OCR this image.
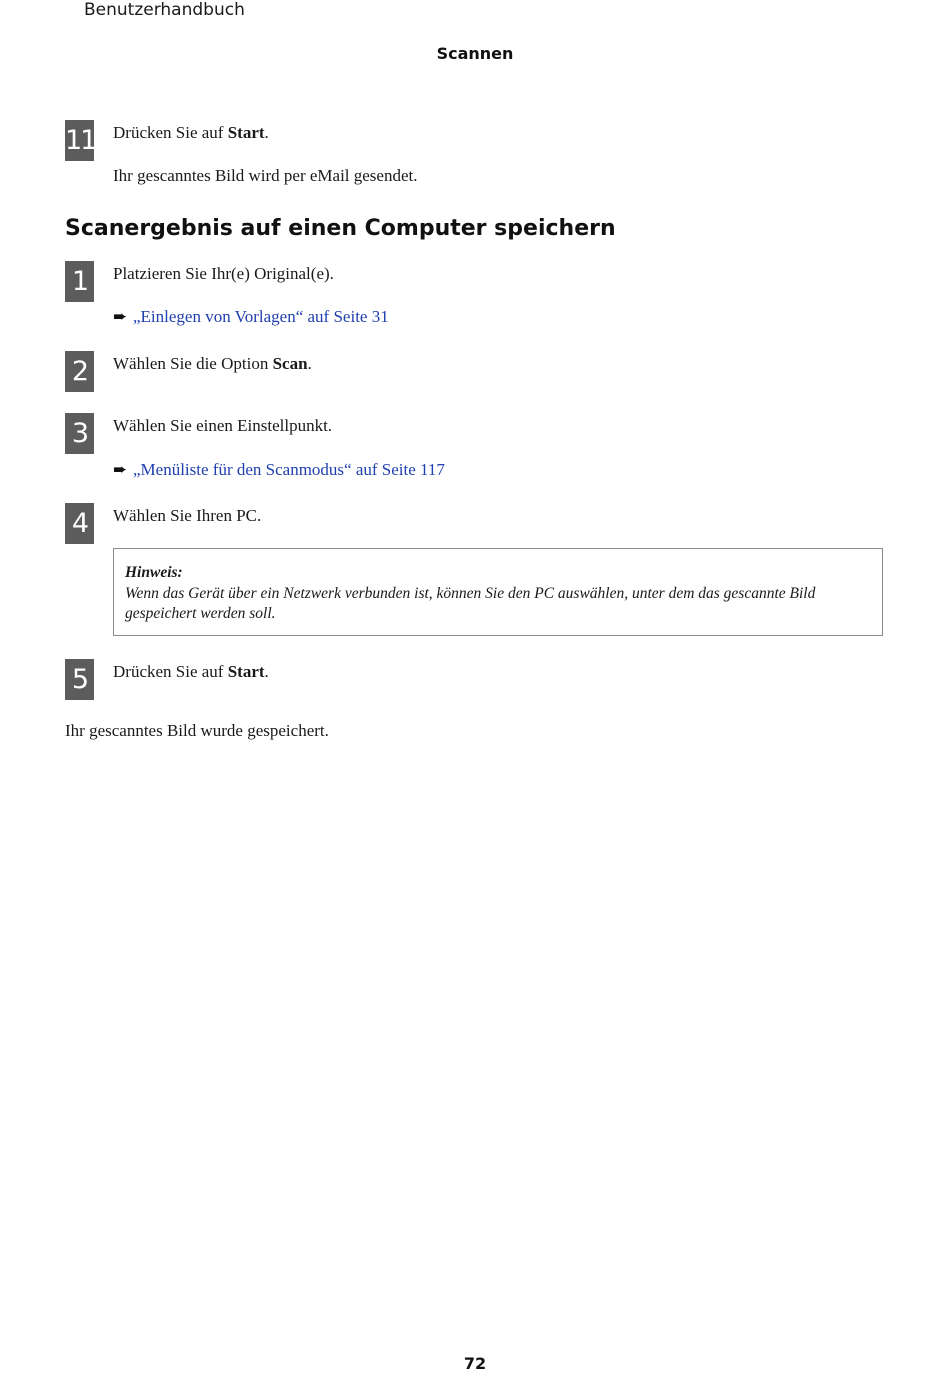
Benutzerhandbuch
Scannen
11 Drücken Sie auf Start.
Ihr gescanntes Bild wird per eMail gesendet.
Scanergebnis auf einen Computer speichern
1	Platzieren Sie Ihr(e) Original(e).
➨ „Einlegen von Vorlagen“ auf Seite 31
2	Wählen Sie die Option Scan.
3	Wählen Sie einen Einstellpunkt.
➨ „Menüliste für den Scanmodus“ auf Seite 117
4	Wählen Sie Ihren PC.
Hinweis:
Wenn das Gerät über ein Netzwerk verbunden ist, können Sie den PC auswählen, unter dem das gescannte Bild gespeichert werden soll.
5	Drücken Sie auf Start.
Ihr gescanntes Bild wurde gespeichert.
72
